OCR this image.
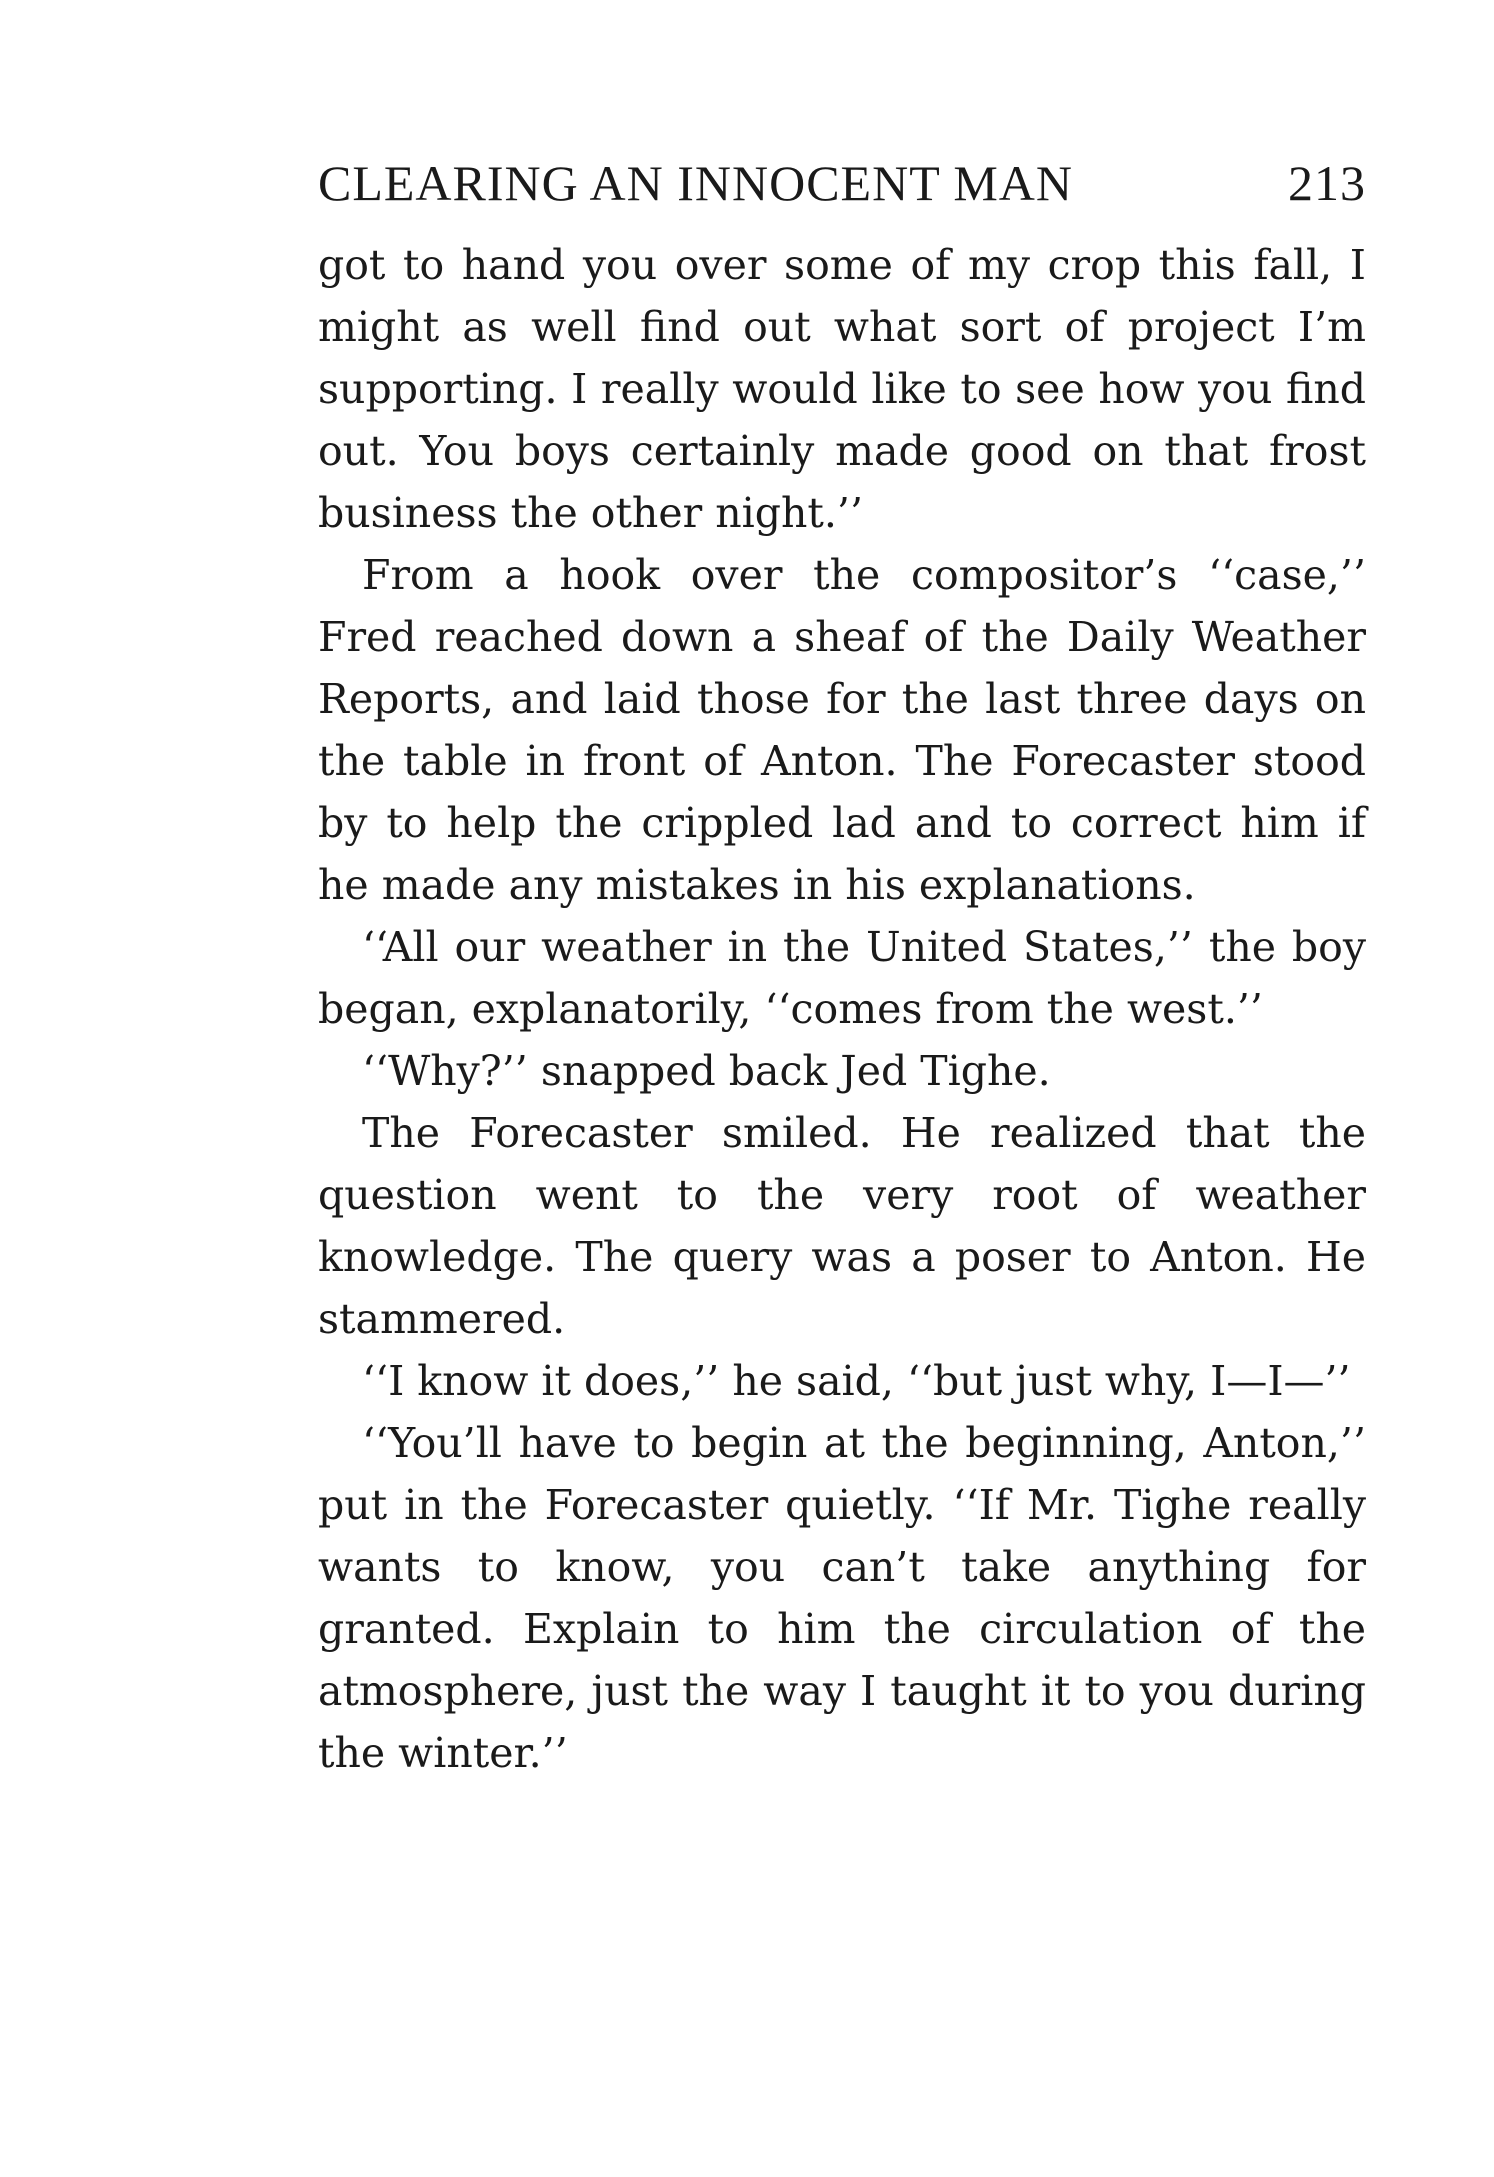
CLEARING AN INNOCENT MAN	213

got to hand you over some of my crop this fall, I might as well find out what sort of project I’m supporting. I really would like to see how you find out. You boys certainly made good on that frost business the other night.’’

From a hook over the compositor’s ‘‘case,’’ Fred reached down a sheaf of the Daily Weather Reports, and laid those for the last three days on the table in front of Anton. The Forecaster stood by to help the crippled lad and to correct him if he made any mistakes in his explanations.

‘‘All our weather in the United States,’’ the boy began, explanatorily, ‘‘comes from the west.’’

‘‘Why?’’ snapped back Jed Tighe.

The Forecaster smiled. He realized that the question went to the very root of weather knowledge. The query was a poser to Anton. He stammered.

‘‘I know it does,’’ he said, ‘‘but just why, I—I—’’

‘‘You’ll have to begin at the beginning, Anton,’’ put in the Forecaster quietly. ‘‘If Mr. Tighe really wants to know, you can’t take anything for granted. Explain to him the circulation of the atmosphere, just the way I taught it to you during the winter.’’
